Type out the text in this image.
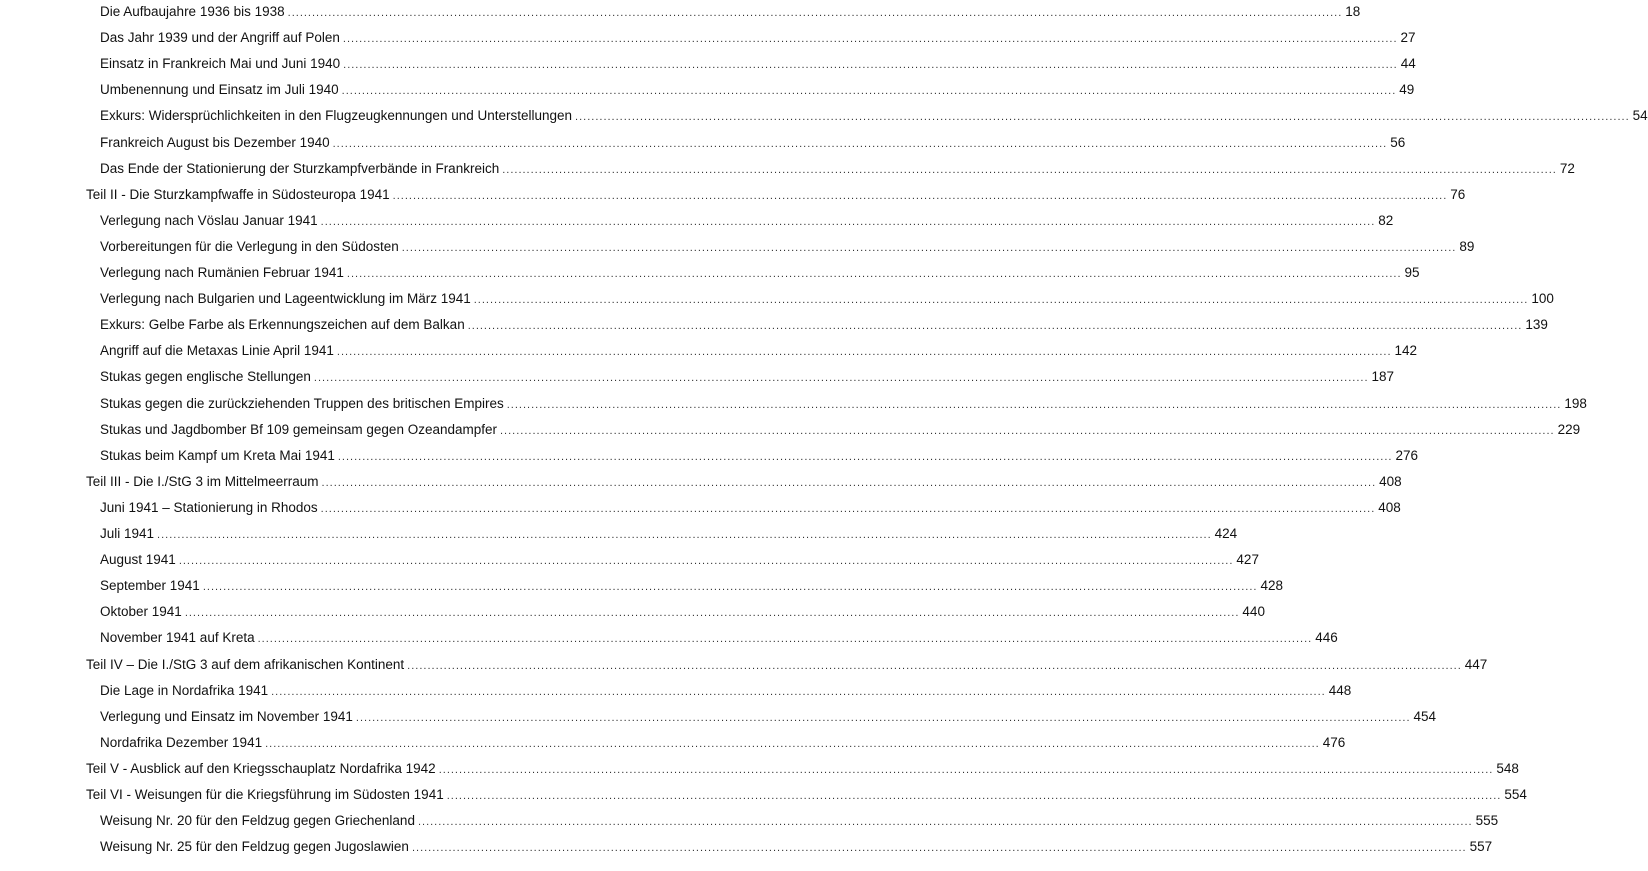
Die Aufbaujahre 1936 bis 1938 .................................................................................................................................................................................................................................................................... 18
Das Jahr 1939 und der Angriff auf Polen .................................................................................................................................................................................................................................................................... 27
Einsatz in Frankreich Mai und Juni 1940 .................................................................................................................................................................................................................................................................... 44
Umbenennung und Einsatz im Juli 1940 .................................................................................................................................................................................................................................................................... 49
Exkurs: Widersprüchlichkeiten in den Flugzeugkennungen und Unterstellungen .................................................................................................................................................................................................................................................................... 54
Frankreich August bis Dezember 1940 .................................................................................................................................................................................................................................................................... 56
Das Ende der Stationierung der Sturzkampfverbände in Frankreich .................................................................................................................................................................................................................................................................... 72
Teil II - Die Sturzkampfwaffe in Südosteuropa 1941 .................................................................................................................................................................................................................................................................... 76
Verlegung nach Vöslau Januar 1941 .................................................................................................................................................................................................................................................................... 82
Vorbereitungen für die Verlegung in den Südosten .................................................................................................................................................................................................................................................................... 89
Verlegung nach Rumänien Februar 1941 .................................................................................................................................................................................................................................................................... 95
Verlegung nach Bulgarien und Lageentwicklung im März 1941 .................................................................................................................................................................................................................................................................... 100
Exkurs: Gelbe Farbe als Erkennungszeichen auf dem Balkan .................................................................................................................................................................................................................................................................... 139
Angriff auf die Metaxas Linie April 1941 .................................................................................................................................................................................................................................................................... 142
Stukas gegen englische Stellungen .................................................................................................................................................................................................................................................................... 187
Stukas gegen die zurückziehenden Truppen des britischen Empires .................................................................................................................................................................................................................................................................... 198
Stukas und Jagdbomber Bf 109 gemeinsam gegen Ozeandampfer .................................................................................................................................................................................................................................................................... 229
Stukas beim Kampf um Kreta Mai 1941 .................................................................................................................................................................................................................................................................... 276
Teil III - Die I./StG 3 im Mittelmeerraum .................................................................................................................................................................................................................................................................... 408
Juni 1941 – Stationierung in Rhodos .................................................................................................................................................................................................................................................................... 408
Juli 1941 .................................................................................................................................................................................................................................................................... 424
August 1941 .................................................................................................................................................................................................................................................................... 427
September 1941 .................................................................................................................................................................................................................................................................... 428
Oktober 1941 .................................................................................................................................................................................................................................................................... 440
November 1941 auf Kreta .................................................................................................................................................................................................................................................................... 446
Teil IV – Die I./StG 3 auf dem afrikanischen Kontinent .................................................................................................................................................................................................................................................................... 447
Die Lage in Nordafrika 1941 .................................................................................................................................................................................................................................................................... 448
Verlegung und Einsatz im November 1941 .................................................................................................................................................................................................................................................................... 454
Nordafrika Dezember 1941 .................................................................................................................................................................................................................................................................... 476
Teil V - Ausblick auf den Kriegsschauplatz Nordafrika 1942 .................................................................................................................................................................................................................................................................... 548
Teil VI - Weisungen für die Kriegsführung im Südosten 1941 .................................................................................................................................................................................................................................................................... 554
Weisung Nr. 20 für den Feldzug gegen Griechenland .................................................................................................................................................................................................................................................................... 555
Weisung Nr. 25 für den Feldzug gegen Jugoslawien .................................................................................................................................................................................................................................................................... 557
